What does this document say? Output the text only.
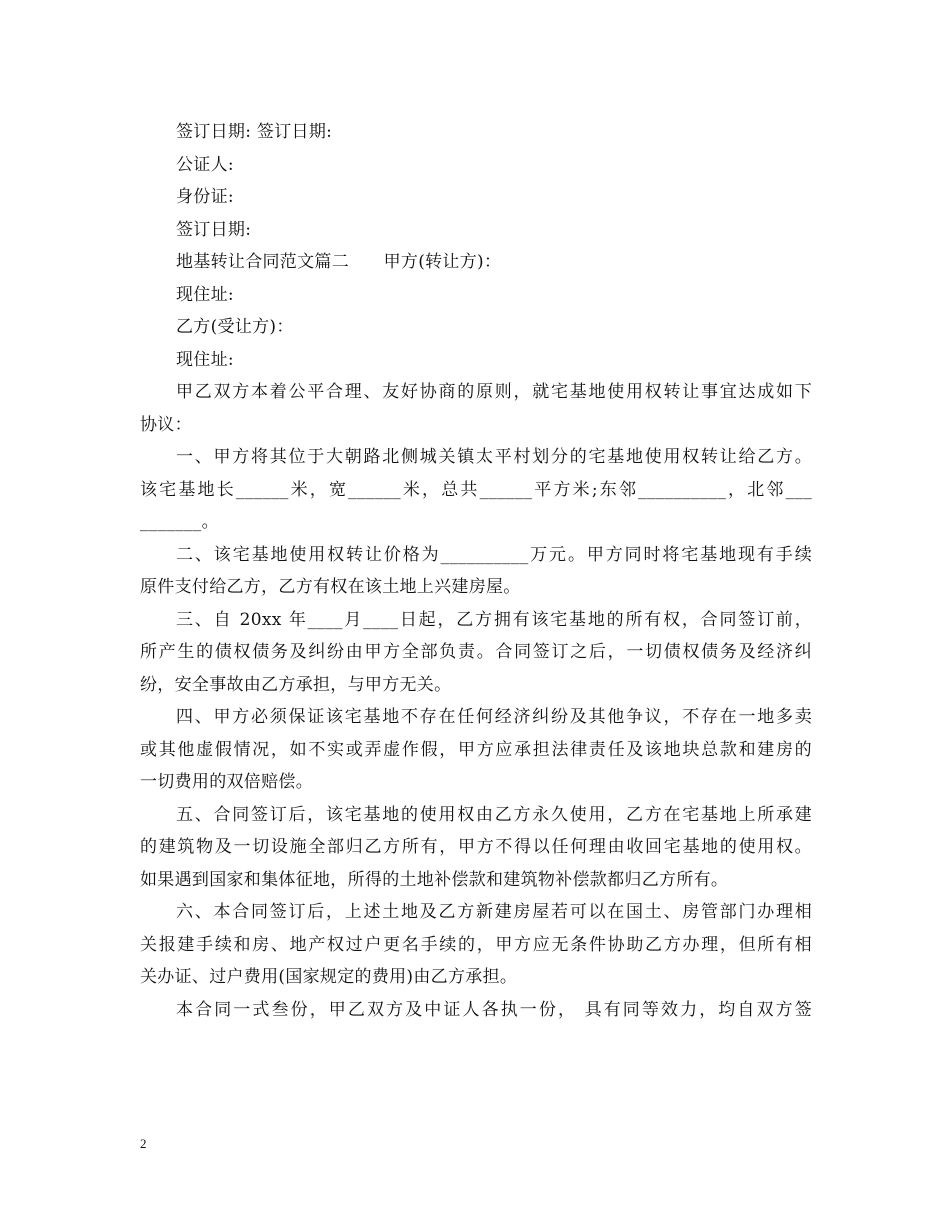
签订日期: 签订日期:
公证人:
身份证:
签订日期:
地基转让合同范文篇二　　甲方(转让方)：
现住址:
乙方(受让方)：
现住址:
甲乙双方本着公平合理、友好协商的原则，就宅基地使用权转让事宜达成如下
协议：
一、甲方将其位于大朝路北侧城关镇太平村划分的宅基地使用权转让给乙方。
该宅基地长______米，宽______米，总共______平方米;东邻__________，北邻___
_______。
二、该宅基地使用权转让价格为__________万元。甲方同时将宅基地现有手续
原件支付给乙方，乙方有权在该土地上兴建房屋。
三、自 20xx 年____月____日起，乙方拥有该宅基地的所有权，合同签订前，
所产生的债权债务及纠纷由甲方全部负责。合同签订之后，一切债权债务及经济纠
纷，安全事故由乙方承担，与甲方无关。
四、甲方必须保证该宅基地不存在任何经济纠纷及其他争议，不存在一地多卖
或其他虚假情况，如不实或弄虚作假，甲方应承担法律责任及该地块总款和建房的
一切费用的双倍赔偿。
五、合同签订后，该宅基地的使用权由乙方永久使用，乙方在宅基地上所承建
的建筑物及一切设施全部归乙方所有，甲方不得以任何理由收回宅基地的使用权。
如果遇到国家和集体征地，所得的土地补偿款和建筑物补偿款都归乙方所有。
六、本合同签订后，上述土地及乙方新建房屋若可以在国土、房管部门办理相
关报建手续和房、地产权过户更名手续的，甲方应无条件协助乙方办理，但所有相
关办证、过户费用(国家规定的费用)由乙方承担。
本合同一式叁份，甲乙双方及中证人各执一份， 具有同等效力，均自双方签
2
